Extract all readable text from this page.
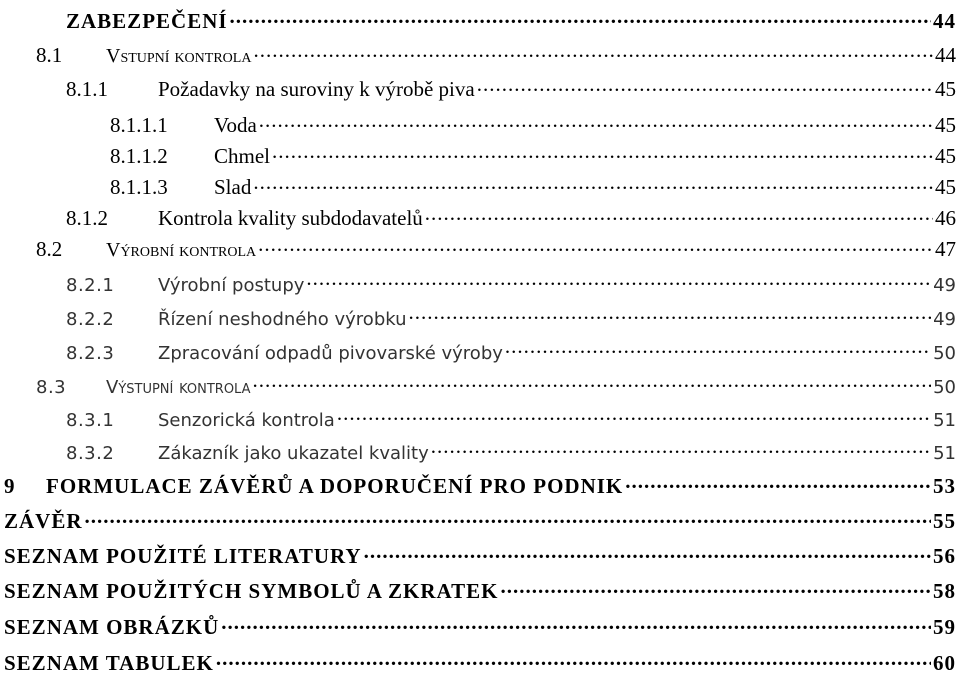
ZABEZPEČENÍ .....	44
8.1	Vstupní kontrola .....	44
8.1.1	Požadavky na suroviny k výrobě piva .....	45
8.1.1.1	Voda .....	45
8.1.1.2	Chmel .....	45
8.1.1.3	Slad .....	45
8.1.2	Kontrola kvality subdodavatelů .....	46
8.2	Výrobní kontrola .....	47
8.2.1	Výrobní postupy .....	49
8.2.2	Řízení neshodného výrobku .....	49
8.2.3	Zpracování odpadů pivovarské výroby .....	50
8.3	Výstupní kontrola .....	50
8.3.1	Senzorická kontrola .....	51
8.3.2	Zákazník jako ukazatel kvality .....	51
9	FORMULACE ZÁVĚRŮ A DOPORUČENÍ PRO PODNIK .....	53
ZÁVĚR .....	55
SEZNAM POUŽITÉ LITERATURY .....	56
SEZNAM POUŽITÝCH SYMBOLŮ A ZKRATEK .....	58
SEZNAM OBRÁZKŮ .....	59
SEZNAM TABULEK .....	60
